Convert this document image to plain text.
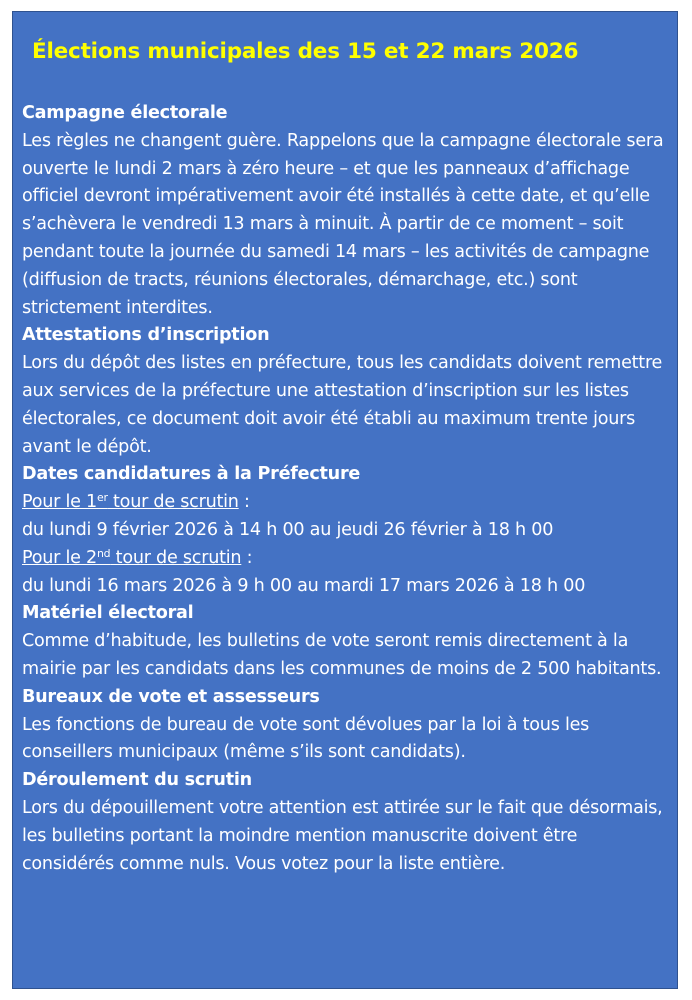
Élections municipales des 15 et 22 mars 2026

Campagne électorale

Les règles ne changent guère. Rappelons que la campagne électorale sera ouverte le lundi 2 mars à zéro heure – et que les panneaux d’affichage officiel devront impérativement avoir été installés à cette date, et qu’elle s’achèvera le vendredi 13 mars à minuit. À partir de ce moment – soit pendant toute la journée du samedi 14 mars – les activités de campagne (diffusion de tracts, réunions électorales, démarchage, etc.) sont strictement interdites.

Attestations d’inscription

Lors du dépôt des listes en préfecture, tous les candidats doivent remettre aux services de la préfecture une attestation d’inscription sur les listes électorales, ce document doit avoir été établi au maximum trente jours avant le dépôt.

Dates candidatures à la Préfecture

Pour le 1er tour de scrutin :

du lundi 9 février 2026 à 14 h 00 au jeudi 26 février à 18 h 00

Pour le 2nd tour de scrutin :

du lundi 16 mars 2026 à 9 h 00 au mardi 17 mars 2026 à 18 h 00

Matériel électoral

Comme d’habitude, les bulletins de vote seront remis directement à la mairie par les candidats dans les communes de moins de 2 500 habitants.

Bureaux de vote et assesseurs

Les fonctions de bureau de vote sont dévolues par la loi à tous les conseillers municipaux (même s’ils sont candidats).

Déroulement du scrutin

Lors du dépouillement votre attention est attirée sur le fait que désormais, les bulletins portant la moindre mention manuscrite doivent être considérés comme nuls. Vous votez pour la liste entière.
